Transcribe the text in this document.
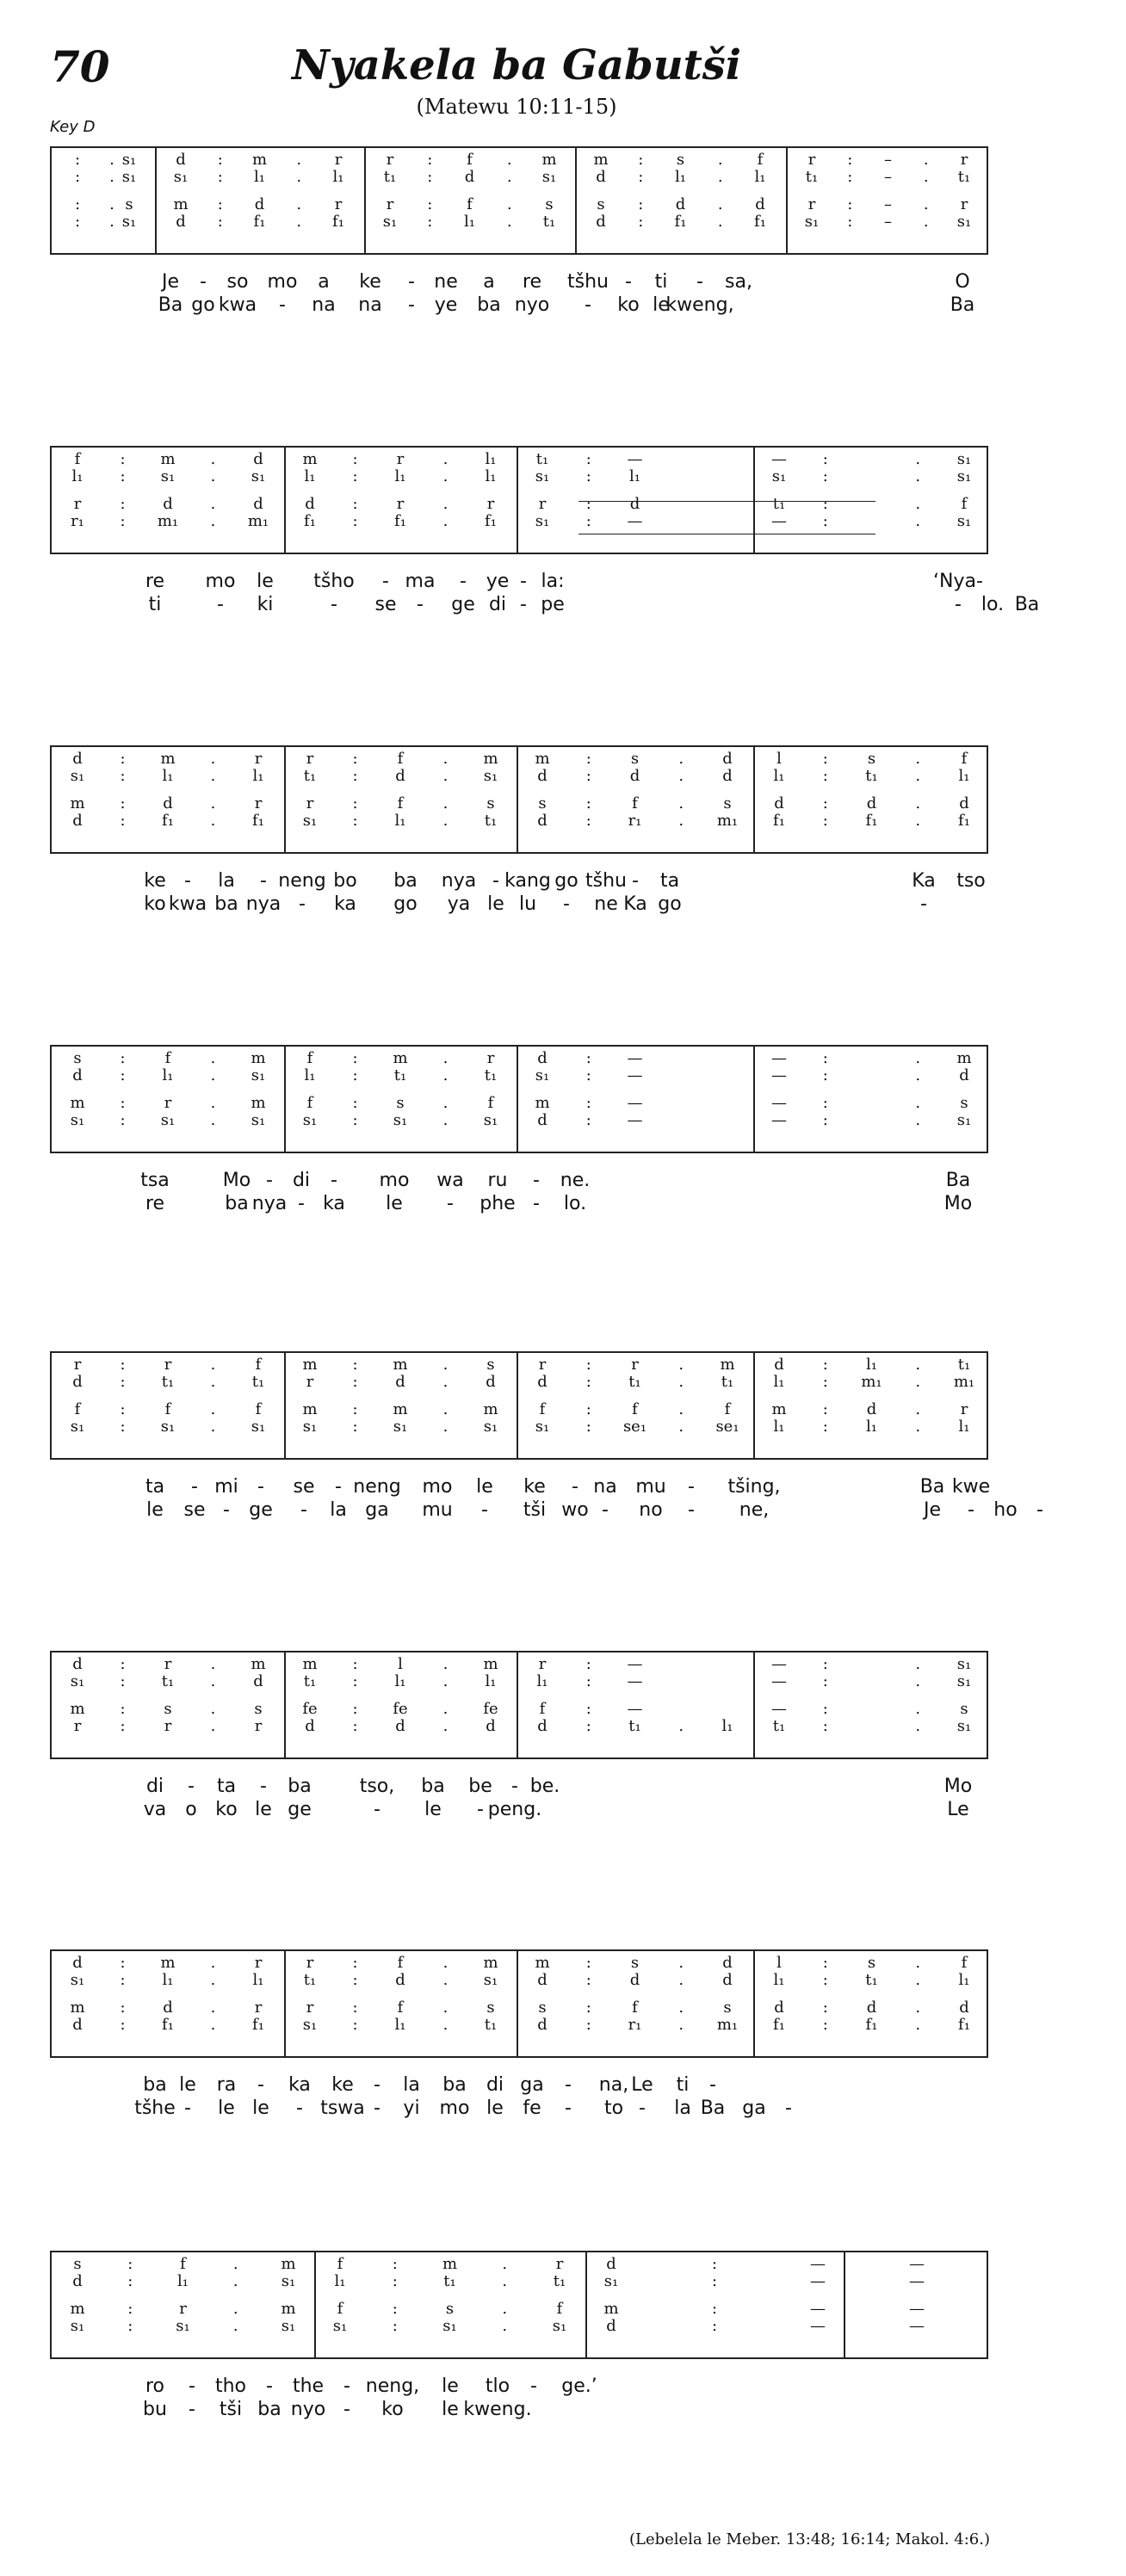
70	Nyakela ba Gabutši
(Matewu 10:11-15)
Key D
:	. s₁	d	:	m	.	r	r	:	f	.	m	m	:	s	.	f	r	:	–	.	r
:	. s₁	s₁	:	l₁	.	l₁	t₁	:	d	.	s₁	d	:	l₁	.	l₁	t₁	:	–	.	t₁
:	. s	m	:	d	.	r	r	:	f	.	s	s	:	d	.	d	r	:	–	.	r
:	. s₁	d	:	f₁	.	f₁	s₁	:	l₁	.	t₁	d	:	f₁	.	f₁	s₁	:	–	.	s₁
Je	-	so	mo	a	ke	-	ne	a	re	tšhu -	ti	-	sa,	O
Ba go kwa	-	na	na	-	ye	ba nyo	-	ko le
kweng,	Ba
f	:	m	.	d	m	:	r	.	l₁	t₁	:	—	—	:	.	s₁
l₁	:	s₁	.	s₁	l₁	:	l₁	.	l₁	s₁	:	l₁	s₁	:	.	s₁
r	:	d	.	d	d	:	r	.	r	r	:	d	t₁	:	.	f
r₁	:	m₁	.	m₁	f₁	:	f₁	.	f₁	s₁	:	—	—	:	.	s₁
re	mo	le	tšho	- ma	-	ye - la:	‘Nya-
ti	-	ki	-	se	-	ge di - pe	-	lo. Ba
d	:	m	.	r	r	:	f	.	m	m	:	s	.	d	l	:	s	.	f
s₁	:	l₁	.	l₁	t₁	:	d	.	s₁	d	:	d	.	d	l₁	:	t₁	.	l₁
m	:	d	.	r	r	:	f	.	s	s	:	f	.	s	d	:	d	.	d
d	:	f₁	.	f₁	s₁	:	l₁	.	t₁	d	:	r₁	.	m₁	f₁	:	f₁	.	f₁
ke -	la	- neng bo	ba	nya - kang go tšhu -	ta	Ka	tso
ko kwa ba nya -	ka	go	ya le lu	-	ne Ka go	-
s	:	f	.	m	f	:	m	.	r	d	:	—	—	:	.	m
d	:	l₁	.	s₁	l₁	:	t₁	.	t₁	s₁	:	—	—	:	.	d
m	:	r	.	m	f	:	s	.	f	m	:	—	—	:	.	s
s₁	:	s₁	.	s₁	s₁	:	s₁	.	s₁	d	:	—	—	:	.	s₁
tsa	Mo -	di	-	mo	wa	ru	-	ne.	Ba
re	ba nya - ka	le	-	phe -	lo.	Mo
r	:	r	.	f	m	:	m	.	s	r	:	r	.	m	d	:	l₁	.	t₁
d	:	t₁	.	t₁	r	:	d	.	d	d	:	t₁	.	t₁	l₁	:	m₁	.	m₁
f	:	f	.	f	m	:	m	.	m	f	:	f	.	f	m	:	d	.	r
s₁	:	s₁	.	s₁	s₁	:	s₁	.	s₁	s₁	:	se₁	.	se₁	l₁	:	l₁	.	l₁
ta	- mi	-	se	- neng	mo	le	ke	- na mu	-	tšing,	Ba kwe
le	se -	ge	-	la ga	mu	-	tši wo -	no	-	ne,	Je	-	ho	-
d	:	r	.	m	m	:	l	.	m	r	:	—	—	:	.	s₁
s₁	:	t₁	.	d	t₁	:	l₁	.	l₁	l₁	:	—	—	:	.	s₁
m	:	s	.	s	fe	:	fe	.	fe	f	:	—	—	:	.	s
r	:	r	.	r	d	:	d	.	d	d	:	t₁	.	l₁	t₁	:	.	s₁
di	-	ta	-	ba	tso,	ba	be	- be.	Mo
va	o ko le ge	-	le	- peng.	Le
d	:	m	.	r	r	:	f	.	m	m	:	s	.	d	l	:	s	.	f
s₁	:	l₁	.	l₁	t₁	:	d	.	s₁	d	:	d	.	d	l₁	:	t₁	.	l₁
m	:	d	.	r	r	:	f	.	s	s	:	f	.	s	d	:	d	.	d
d	:	f₁	.	f₁	s₁	:	l₁	.	t₁	d	:	r₁	.	m₁	f₁	:	f₁	.	f₁
ba le	ra	-	ka	ke	-	la	ba	di ga	-	na, Le	ti	-
tšhe -	le le	- tswa -	yi	mo le	fe	-	to -	la Ba ga	-
s	:	f	.	m	f	:	m	.	r	d	:	—	—
d	:	l₁	.	s₁	l₁	:	t₁	.	t₁	s₁	:	—	—
m	:	r	.	m	f	:	s	.	f	m	:	—	—
s₁	:	s₁	.	s₁	s₁	:	s₁	.	s₁	d	:	—	—
ro	-	tho	-	the	- neng,	le	tlo	-	ge.’
bu	-	tši ba nyo -	ko	le kweng.
(Lebelela le Meber. 13:48; 16:14; Makol. 4:6.)
